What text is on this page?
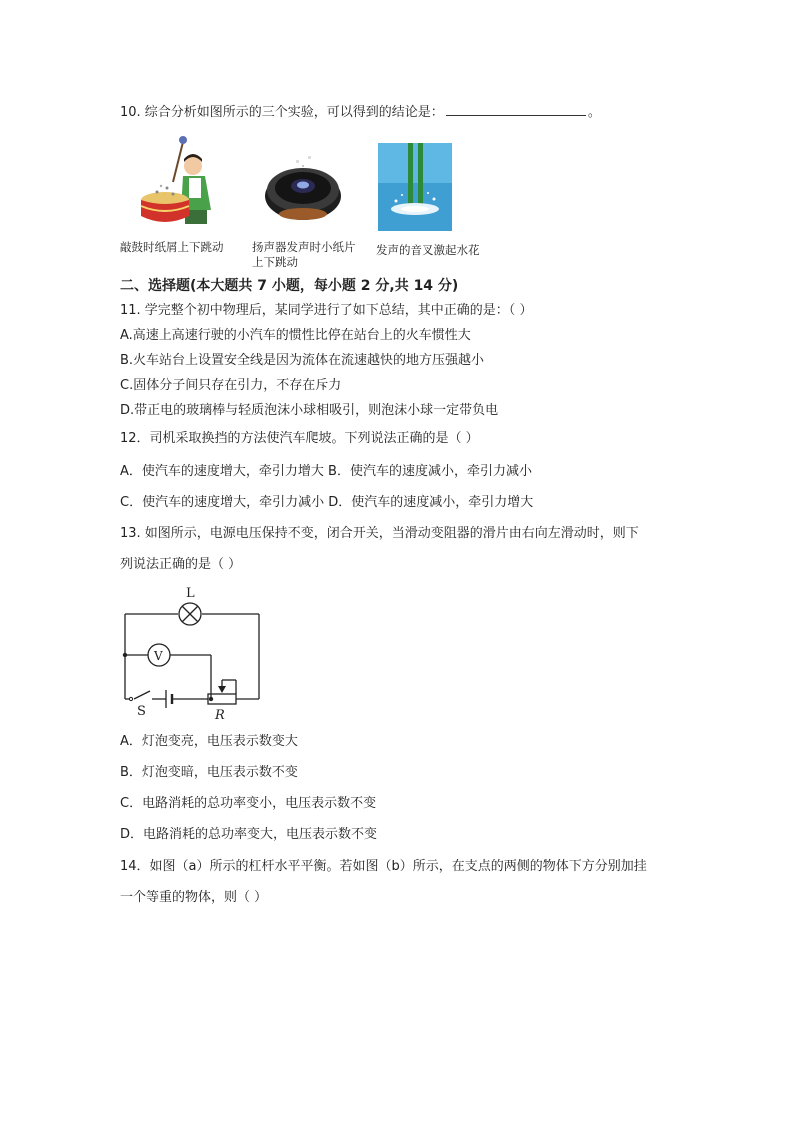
10. 综合分析如图所示的三个实验，可以得到的结论是：	。
敲鼓时纸屑上下跳动 扬声器发声时小纸片上下跳动
发声的音叉激起水花
二、选择题(本大题共 7 小题，每小题 2 分,共 14 分)
11. 学完整个初中物理后，某同学进行了如下总结，其中正确的是：（ ）
A.高速上高速行驶的小汽车的惯性比停在站台上的火车惯性大
B.火车站台上设置安全线是因为流体在流速越快的地方压强越小
C.固体分子间只存在引力，不存在斥力
D.带正电的玻璃棒与轻质泡沫小球相吸引，则泡沫小球一定带负电
12．司机采取换挡的方法使汽车爬坡。下列说法正确的是（ ）
A．使汽车的速度增大，牵引力增大 B．使汽车的速度减小，牵引力减小
C．使汽车的速度增大，牵引力减小 D．使汽车的速度减小，牵引力增大
13. 如图所示，电源电压保持不变，闭合开关，当滑动变阻器的滑片由右向左滑动时，则下
列说法正确的是（ ）
L
V
S	R
A．灯泡变亮，电压表示数变大
B．灯泡变暗，电压表示数不变
C．电路消耗的总功率变小，电压表示数不变
D．电路消耗的总功率变大，电压表示数不变
14．如图（a）所示的杠杆水平平衡。若如图（b）所示，在支点的两侧的物体下方分别加挂
一个等重的物体，则（ ）
